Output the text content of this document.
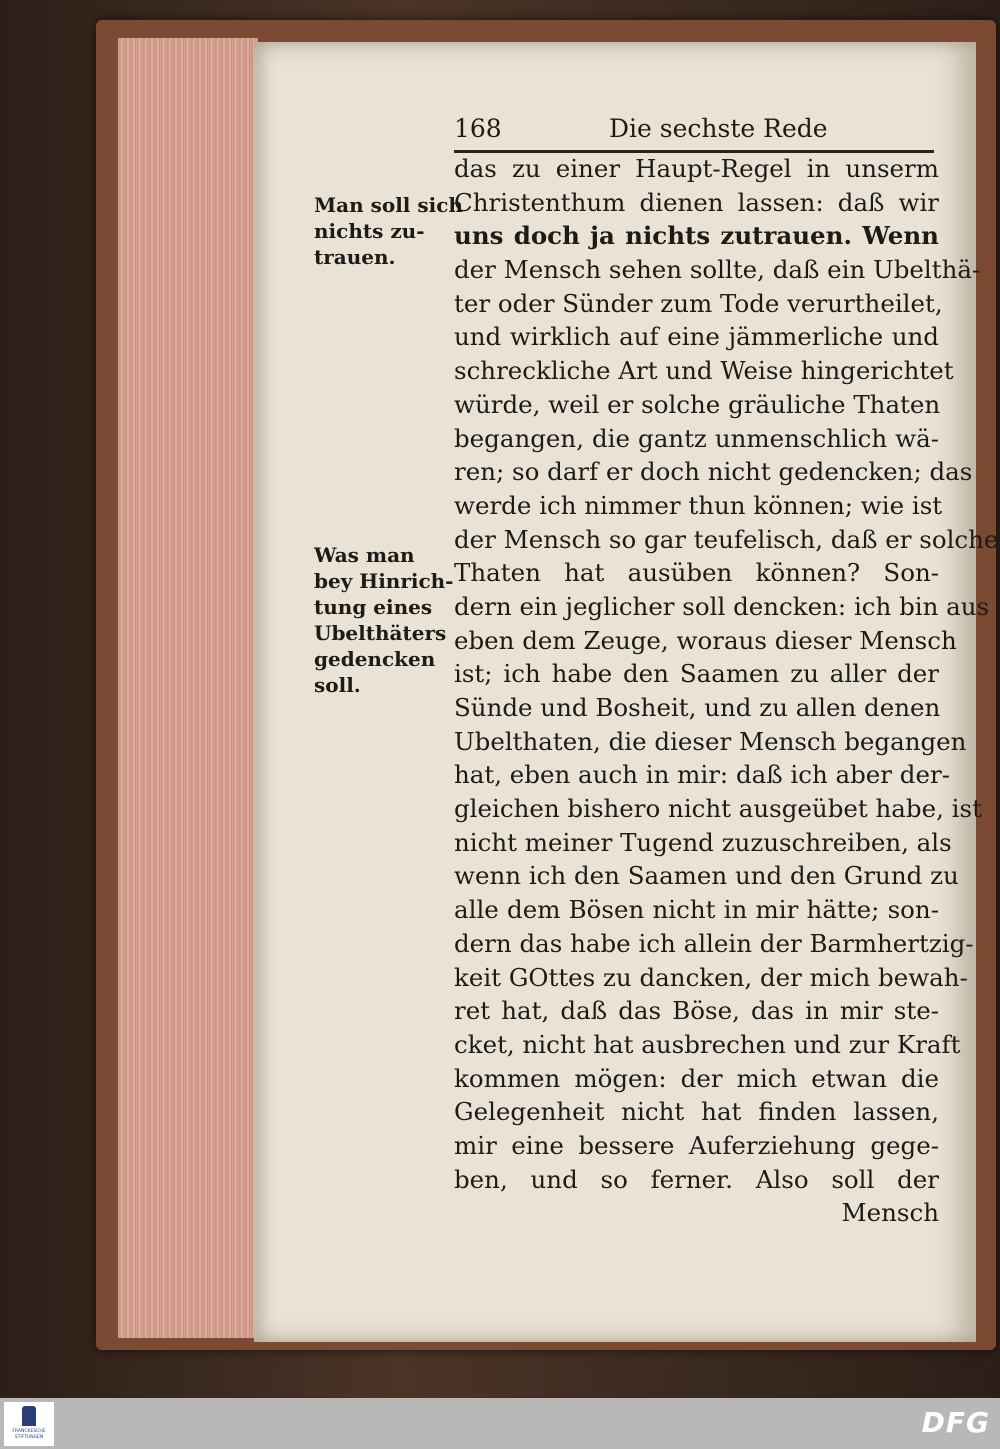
168	Die sechste Rede
Man soll sich
nichts zu-
trauen.
Was man
bey Hinrich-
tung eines
Ubelthäters
gedencken
soll.
das zu einer Haupt-Regel in unserm
Christenthum dienen lassen: daß wir
uns doch ja nichts zutrauen. Wenn
der Mensch sehen sollte, daß ein Ubelthä-
ter oder Sünder zum Tode verurtheilet,
und wirklich auf eine jämmerliche und
schreckliche Art und Weise hingerichtet
würde, weil er solche gräuliche Thaten
begangen, die gantz unmenschlich wä-
ren; so darf er doch nicht gedencken; das
werde ich nimmer thun können; wie ist
der Mensch so gar teufelisch, daß er solche
Thaten hat ausüben können? Son-
dern ein jeglicher soll dencken: ich bin aus
eben dem Zeuge, woraus dieser Mensch
ist; ich habe den Saamen zu aller der
Sünde und Bosheit, und zu allen denen
Ubelthaten, die dieser Mensch begangen
hat, eben auch in mir: daß ich aber der-
gleichen bishero nicht ausgeübet habe, ist
nicht meiner Tugend zuzuschreiben, als
wenn ich den Saamen und den Grund zu
alle dem Bösen nicht in mir hätte; son-
dern das habe ich allein der Barmhertzig-
keit GOttes zu dancken, der mich bewah-
ret hat, daß das Böse, das in mir ste-
cket, nicht hat ausbrechen und zur Kraft
kommen mögen: der mich etwan die
Gelegenheit nicht hat finden lassen,
mir eine bessere Auferziehung gege-
ben, und so ferner. Also soll der
Mensch
FRANCKESCHE
STIFTUNGEN	DFG
